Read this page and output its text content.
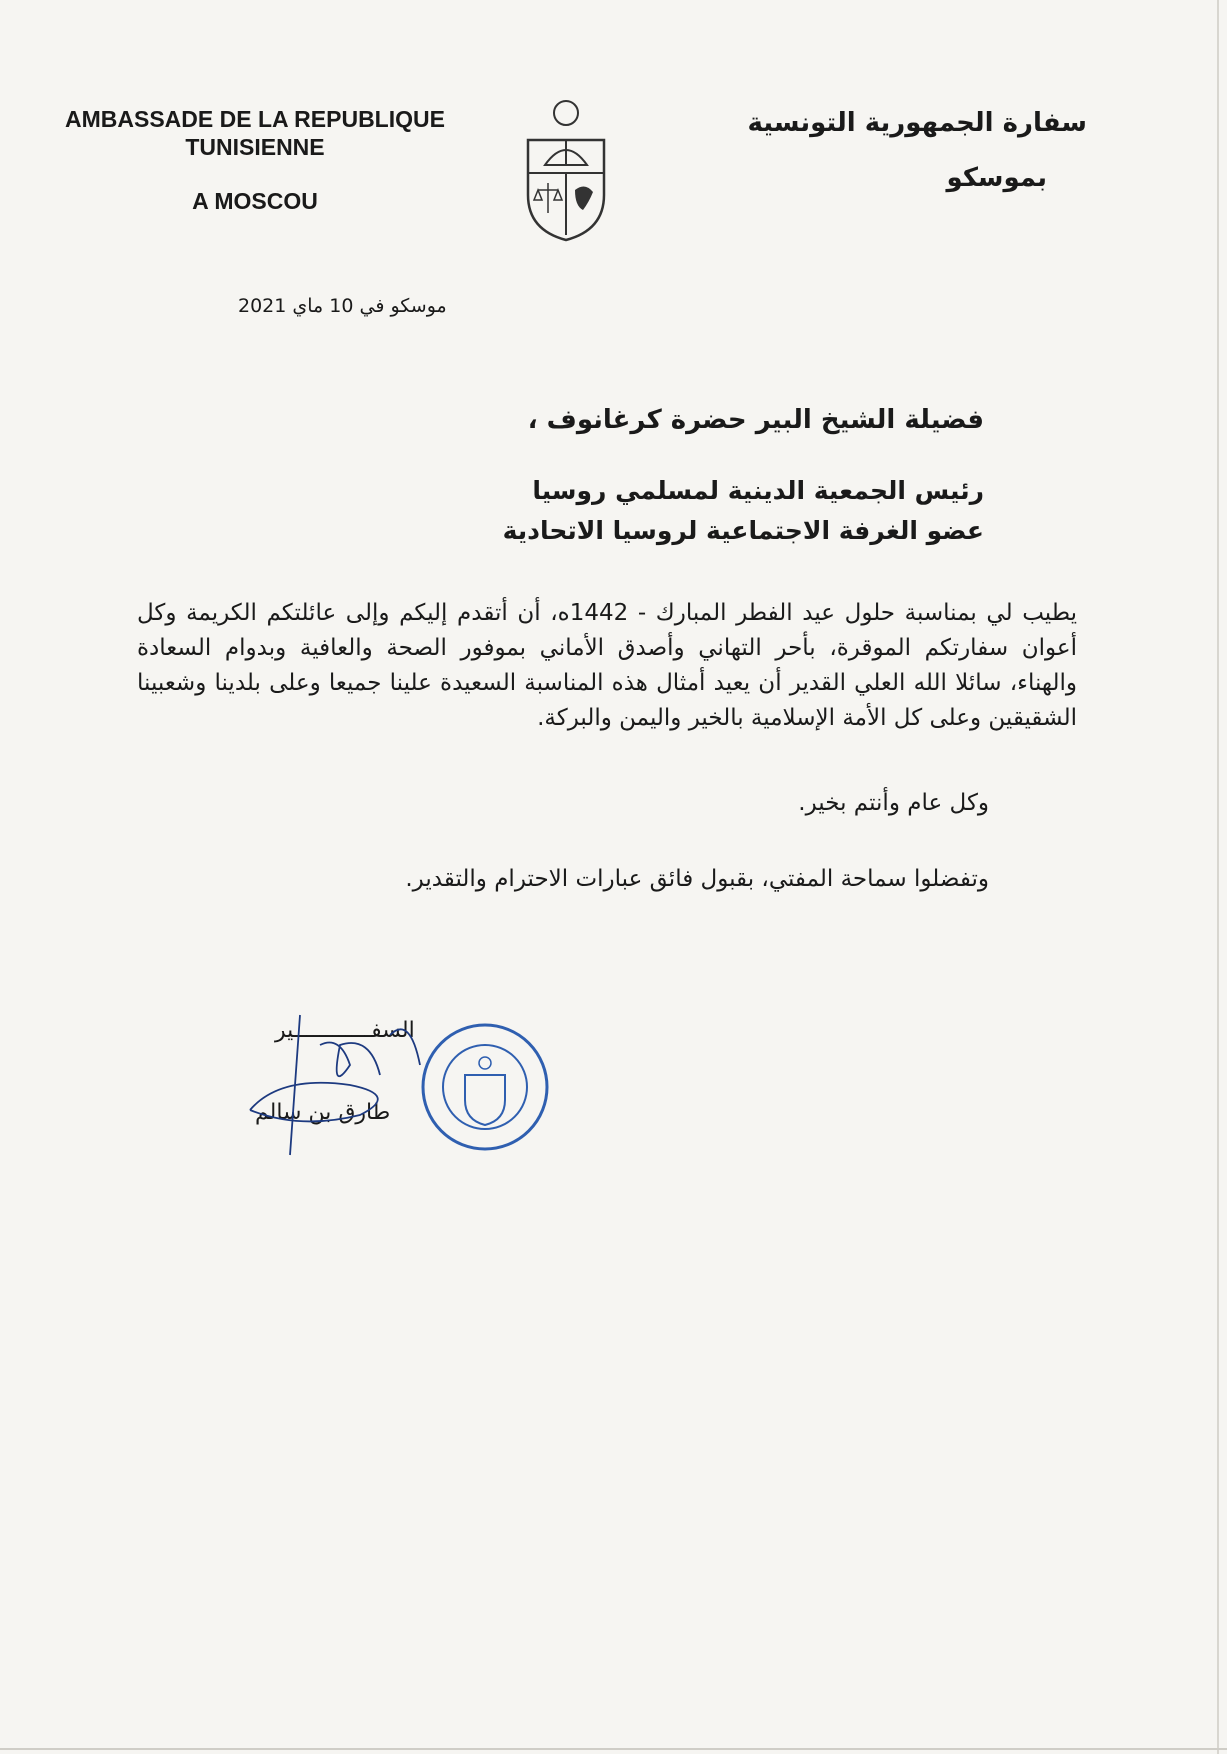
AMBASSADE DE LA REPUBLIQUE
TUNISIENNE
A MOSCOU
سفارة الجمهورية التونسية
بموسكو
موسكو في 10 ماي 2021
فضيلة الشيخ البير حضرة كرغانوف ،
رئيس الجمعية الدينية لمسلمي روسيا
عضو الغرفة الاجتماعية لروسيا الاتحادية
يطيب لي بمناسبة حلول عيد الفطر المبارك - 1442ه، أن أتقدم إليكم وإلى عائلتكم الكريمة وكل أعوان سفارتكم الموقرة، بأحر التهاني وأصدق الأماني بموفور الصحة والعافية وبدوام السعادة والهناء، سائلا الله العلي القدير أن يعيد أمثال هذه المناسبة السعيدة علينا جميعا وعلى بلدينا وشعبينا الشقيقين وعلى كل الأمة الإسلامية بالخير واليمن والبركة.
وكل عام وأنتم بخير.
وتفضلوا سماحة المفتي، بقبول فائق عبارات الاحترام والتقدير.
السفــــــــــــير
طارق بن سالم
